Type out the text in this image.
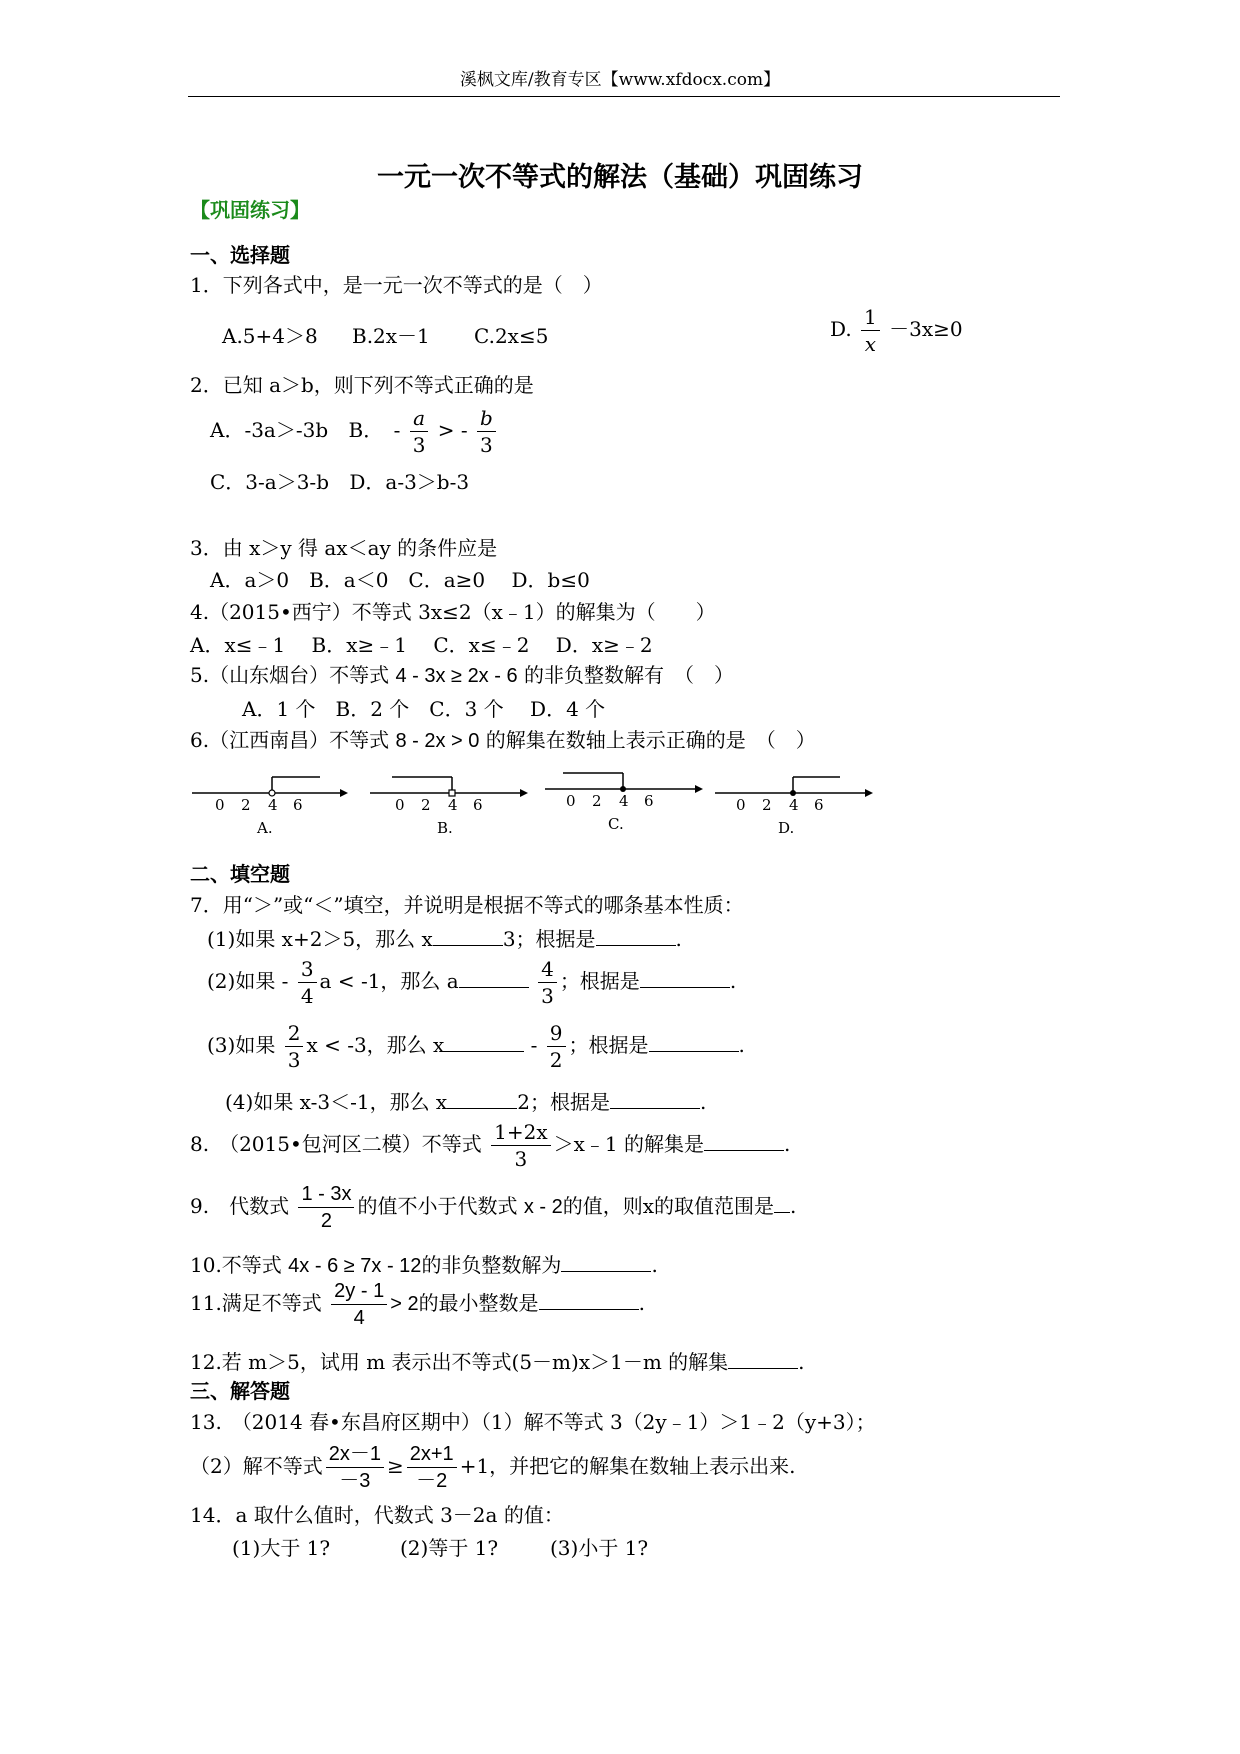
溪枫文库/教育专区【www.xfdocx.com】
一元一次不等式的解法（基础）巩固练习
【巩固练习】
一、选择题
1．下列各式中，是一元一次不等式的是（　）
A.5+4＞8 B.2x－1 C.2x≤5	D. $\frac{1}{x} -3x\ge 0$
2．已知 a＞b，则下列不等式正确的是
A．-3a＞-3b B． - $\frac{a}{3}$ > - $\frac{b}{3}$
C．3-a＞3-b D．a-3＞b-3
3．由 x＞y 得 ax＜ay 的条件应是
A．a＞0　B．a＜0　C．a≥0　 D．b≤0
4.（2015•西宁）不等式 3x≤2（x﹣1）的解集为（　　）
A．x≤﹣1　 B．x≥﹣1　 C．x≤﹣2　 D．x≥﹣2
5.（山东烟台）不等式 4 - 3x ≥ 2x - 6 的非负整数解有　（　）
A．1 个　B．2 个　C．3 个　 D．4 个
6.（江西南昌）不等式 8 - 2x > 0 的解集在数轴上表示正确的是　（　）
0 2 4 6
A.
0 2 4 6
B.
0 2 4 6
C.
0 2 4 6
D.
二、填空题
7．用“＞”或“＜”填空，并说明是根据不等式的哪条基本性质：
(1)如果 x+2＞5，那么 x	3；根据是	.
(2)如果 - $\frac{3}{4}$ a < -1，那么 a	$\frac{4}{3}$ ；根据是	.
(3)如果 $\frac{2}{3}$ x < -3，那么 x	- $\frac{9}{2}$ ；根据是	.
(4)如果 x-3＜-1，那么 x	2；根据是	.
8.　（2015•包河区二模）不等式 $\frac{1+2x}{3}$ ＞x﹣1 的解集是	.
9.　代数式 $\frac{1 - 3x}{2}$ 的值不小于代数式 x - 2的值，则x的取值范围是 .
10.不等式 4x - 6 ≥ 7x - 12的非负整数解为	.
11.满足不等式 $\frac{2y - 1}{4} > 2$的最小整数是	.
12.若 m＞5，试用 m 表示出不等式(5－m)x＞1－m 的解集	.
三、解答题
13.　（2014 春•东昌府区期中）（1）解不等式 3（2y﹣1）＞1﹣2（y+3）；
（2）解不等式 $\frac{2x-1}{-3} \ge \frac{2x+1}{-2} +1$，并把它的解集在数轴上表示出来.
14．a 取什么值时，代数式 3－2a 的值：
(1)大于 1?	(2)等于 1?	(3)小于 1?
